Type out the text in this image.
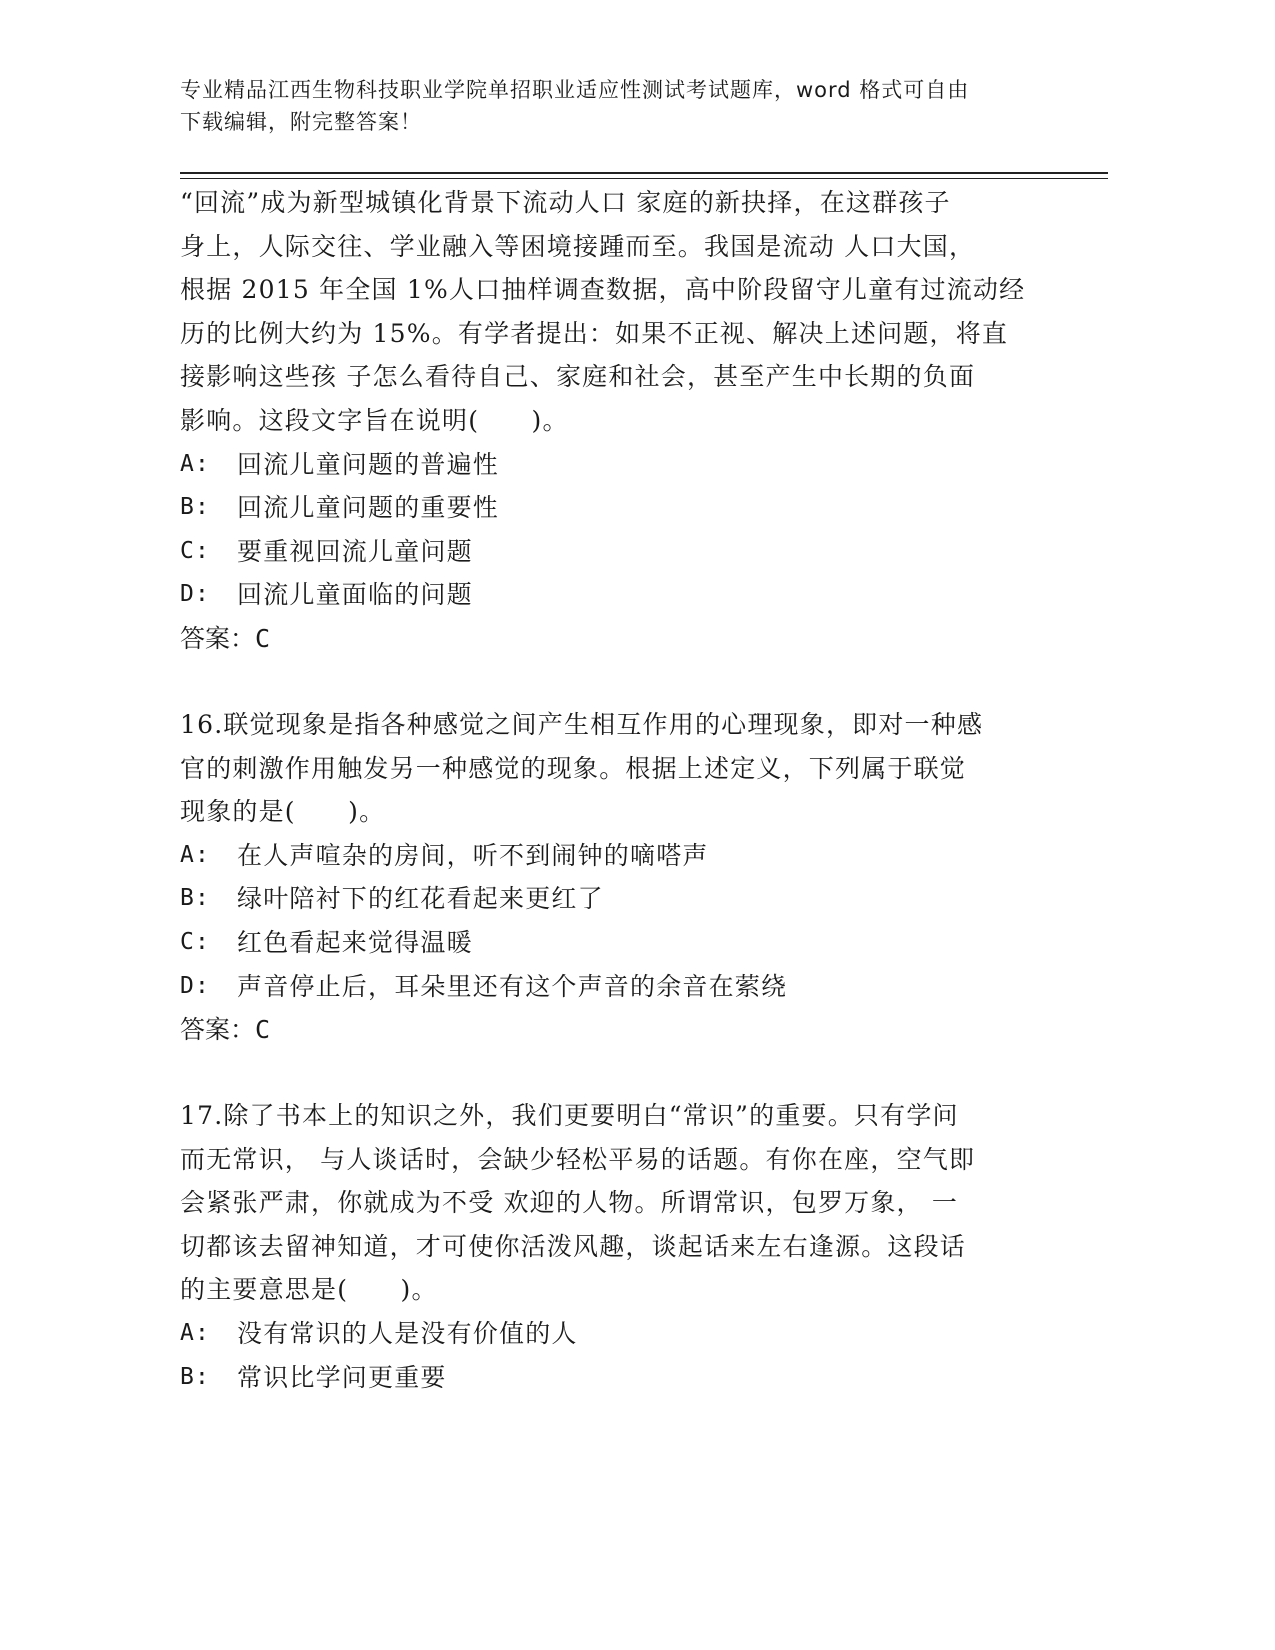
专业精品江西生物科技职业学院单招职业适应性测试考试题库，word 格式可自由
下载编辑，附完整答案！

“回流”成为新型城镇化背景下流动人口 家庭的新抉择，在这群孩子
身上，人际交往、学业融入等困境接踵而至。我国是流动 人口大国，
根据 2015 年全国 1%人口抽样调查数据，高中阶段留守儿童有过流动经
历的比例大约为 15%。有学者提出：如果不正视、解决上述问题，将直
接影响这些孩 子怎么看待自己、家庭和社会，甚至产生中长期的负面
影响。这段文字旨在说明(　　)。

A:	回流儿童问题的普遍性
B:	回流儿童问题的重要性
C:	要重视回流儿童问题
D:	回流儿童面临的问题
答案：C

16.联觉现象是指各种感觉之间产生相互作用的心理现象，即对一种感
官的刺激作用触发另一种感觉的现象。根据上述定义，下列属于联觉
现象的是(　　)。

A:	在人声喧杂的房间，听不到闹钟的嘀嗒声
B:	绿叶陪衬下的红花看起来更红了
C:	红色看起来觉得温暖
D:	声音停止后，耳朵里还有这个声音的余音在萦绕
答案：C

17.除了书本上的知识之外，我们更要明白“常识”的重要。只有学问
而无常识， 与人谈话时，会缺少轻松平易的话题。有你在座，空气即
会紧张严肃，你就成为不受 欢迎的人物。所谓常识，包罗万象， 一
切都该去留神知道，才可使你活泼风趣，谈起话来左右逢源。这段话
的主要意思是(　　)。

A:	没有常识的人是没有价值的人
B:	常识比学问更重要
